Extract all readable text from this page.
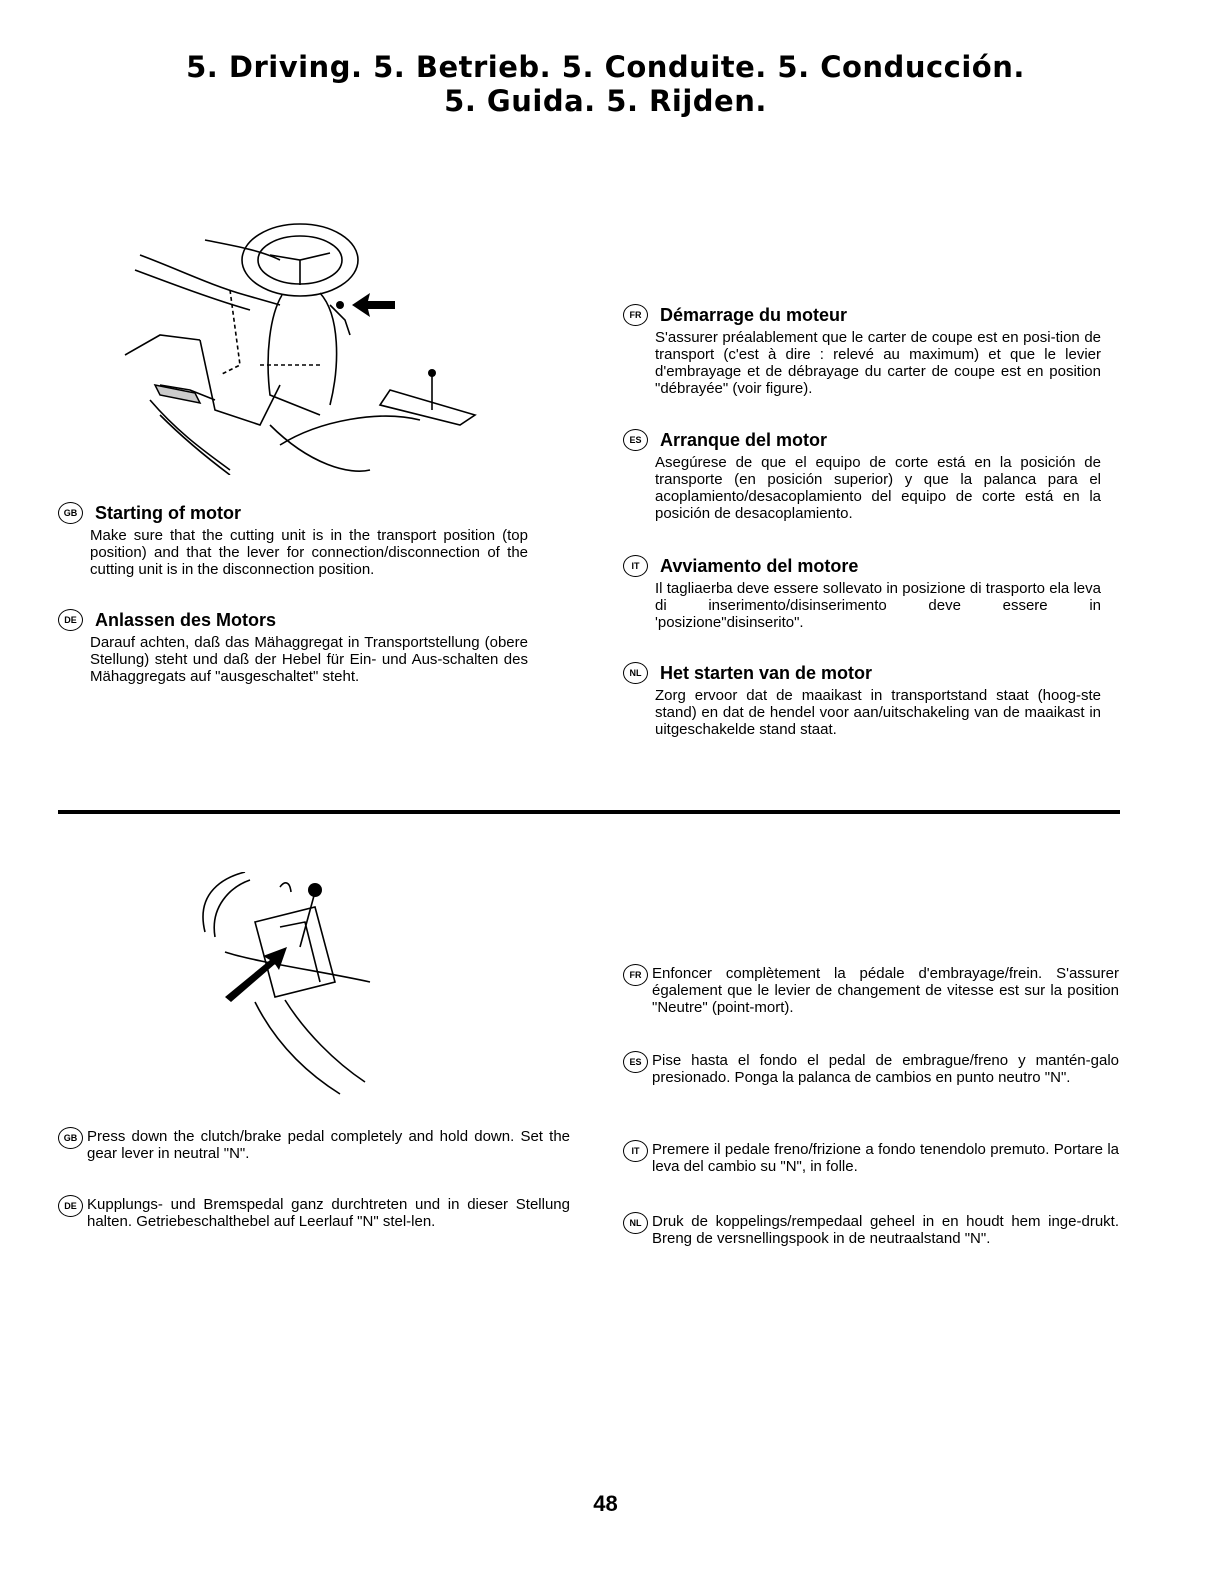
5. Driving. 5. Betrieb. 5. Conduite. 5. Conducción.
5. Guida. 5. Rijden.
GB Starting of motor

Make sure that the cutting unit is in the transport position (top position) and that the lever for connection/disconnection of the cutting unit is in the disconnection position.

DE	Anlassen des Motors

Darauf achten, daß das Mähaggregat in Transportstellung (obere Stellung) steht und daß der Hebel für Ein- und Aus-schalten des Mähaggregats auf "ausgeschaltet" steht.

FR	Démarrage du moteur

S'assurer préalablement que le carter de coupe est en posi-tion de transport (c'est à dire : relevé au maximum) et que le levier d'embrayage et de débrayage du carter de coupe est en position "débrayée" (voir figure).

ES	Arranque del motor

Asegúrese de que el equipo de corte está en la posición de transporte (en posición superior) y que la palanca para el acoplamiento/desacoplamiento del equipo de corte está en la posición de desacoplamiento.

IT	Avviamento del motore

Il tagliaerba deve essere sollevato in posizione di trasporto ela leva di inserimento/disinserimento deve essere in 'posizione"disinserito".

NL	Het starten van de motor

Zorg ervoor dat de maaikast in transportstand staat (hoog-ste stand) en dat de hendel voor aan/uitschakeling van de maaikast in uitgeschakelde stand staat.

GB Press down the clutch/brake pedal completely and hold down. Set the gear lever in neutral "N".

DE Kupplungs- und Bremspedal ganz durchtreten und in dieser Stellung halten. Getriebeschalthebel auf Leerlauf "N" stel-len.

FR Enfoncer complètement la pédale d'embrayage/frein. S'assurer également que le levier de changement de vitesse est sur la position "Neutre" (point-mort).

ES Pise hasta el fondo el pedal de embrague/freno y mantén-galo presionado. Ponga la palanca de cambios en punto neutro "N".

IT Premere il pedale freno/frizione a fondo tenendolo premuto. Portare la leva del cambio su "N", in folle.

NL Druk de koppelings/rempedaal geheel in en houdt hem inge-drukt. Breng de versnellingspook in de neutraalstand "N".

48
